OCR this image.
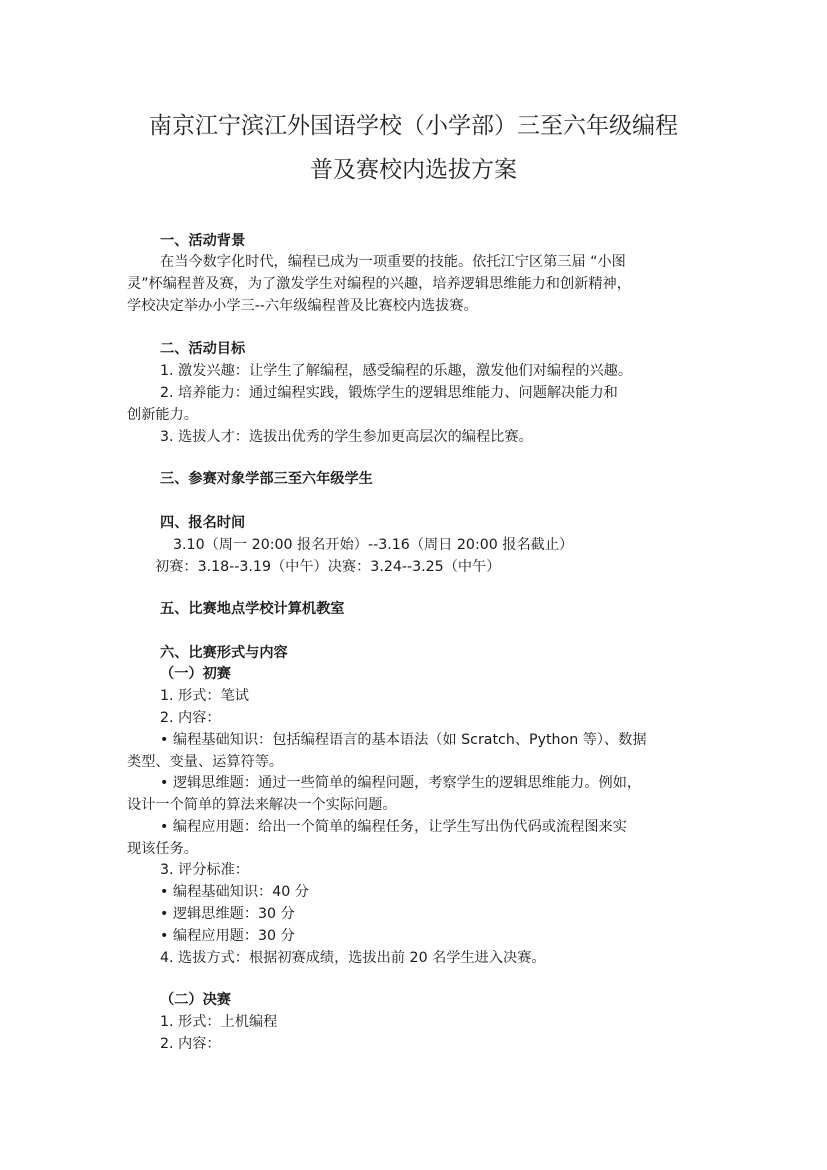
南京江宁滨江外国语学校（小学部）三至六年级编程
普及赛校内选拔方案
一、活动背景
在当今数字化时代，编程已成为一项重要的技能。依托江宁区第三届 “小图
灵”杯编程普及赛，为了激发学生对编程的兴趣，培养逻辑思维能力和创新精神，
学校决定举办小学三--六年级编程普及比赛校内选拔赛。
二、活动目标
1. 激发兴趣：让学生了解编程，感受编程的乐趣，激发他们对编程的兴趣。
2. 培养能力：通过编程实践，锻炼学生的逻辑思维能力、问题解决能力和
创新能力。
3. 选拔人才：选拔出优秀的学生参加更高层次的编程比赛。
三、参赛对象学部三至六年级学生
四、报名时间
3.10（周一 20:00 报名开始）--3.16（周日 20:00 报名截止）
初赛：3.18--3.19（中午）决赛：3.24--3.25（中午）
五、比赛地点学校计算机教室
六、比赛形式与内容
（一）初赛
1. 形式：笔试
2. 内容：
• 编程基础知识：包括编程语言的基本语法（如 Scratch、Python 等）、数据
类型、变量、运算符等。
• 逻辑思维题：通过一些简单的编程问题，考察学生的逻辑思维能力。例如，
设计一个简单的算法来解决一个实际问题。
• 编程应用题：给出一个简单的编程任务，让学生写出伪代码或流程图来实
现该任务。
3. 评分标准：
• 编程基础知识：40 分
• 逻辑思维题：30 分
• 编程应用题：30 分
4. 选拔方式：根据初赛成绩，选拔出前 20 名学生进入决赛。
（二）决赛
1. 形式：上机编程
2. 内容：
